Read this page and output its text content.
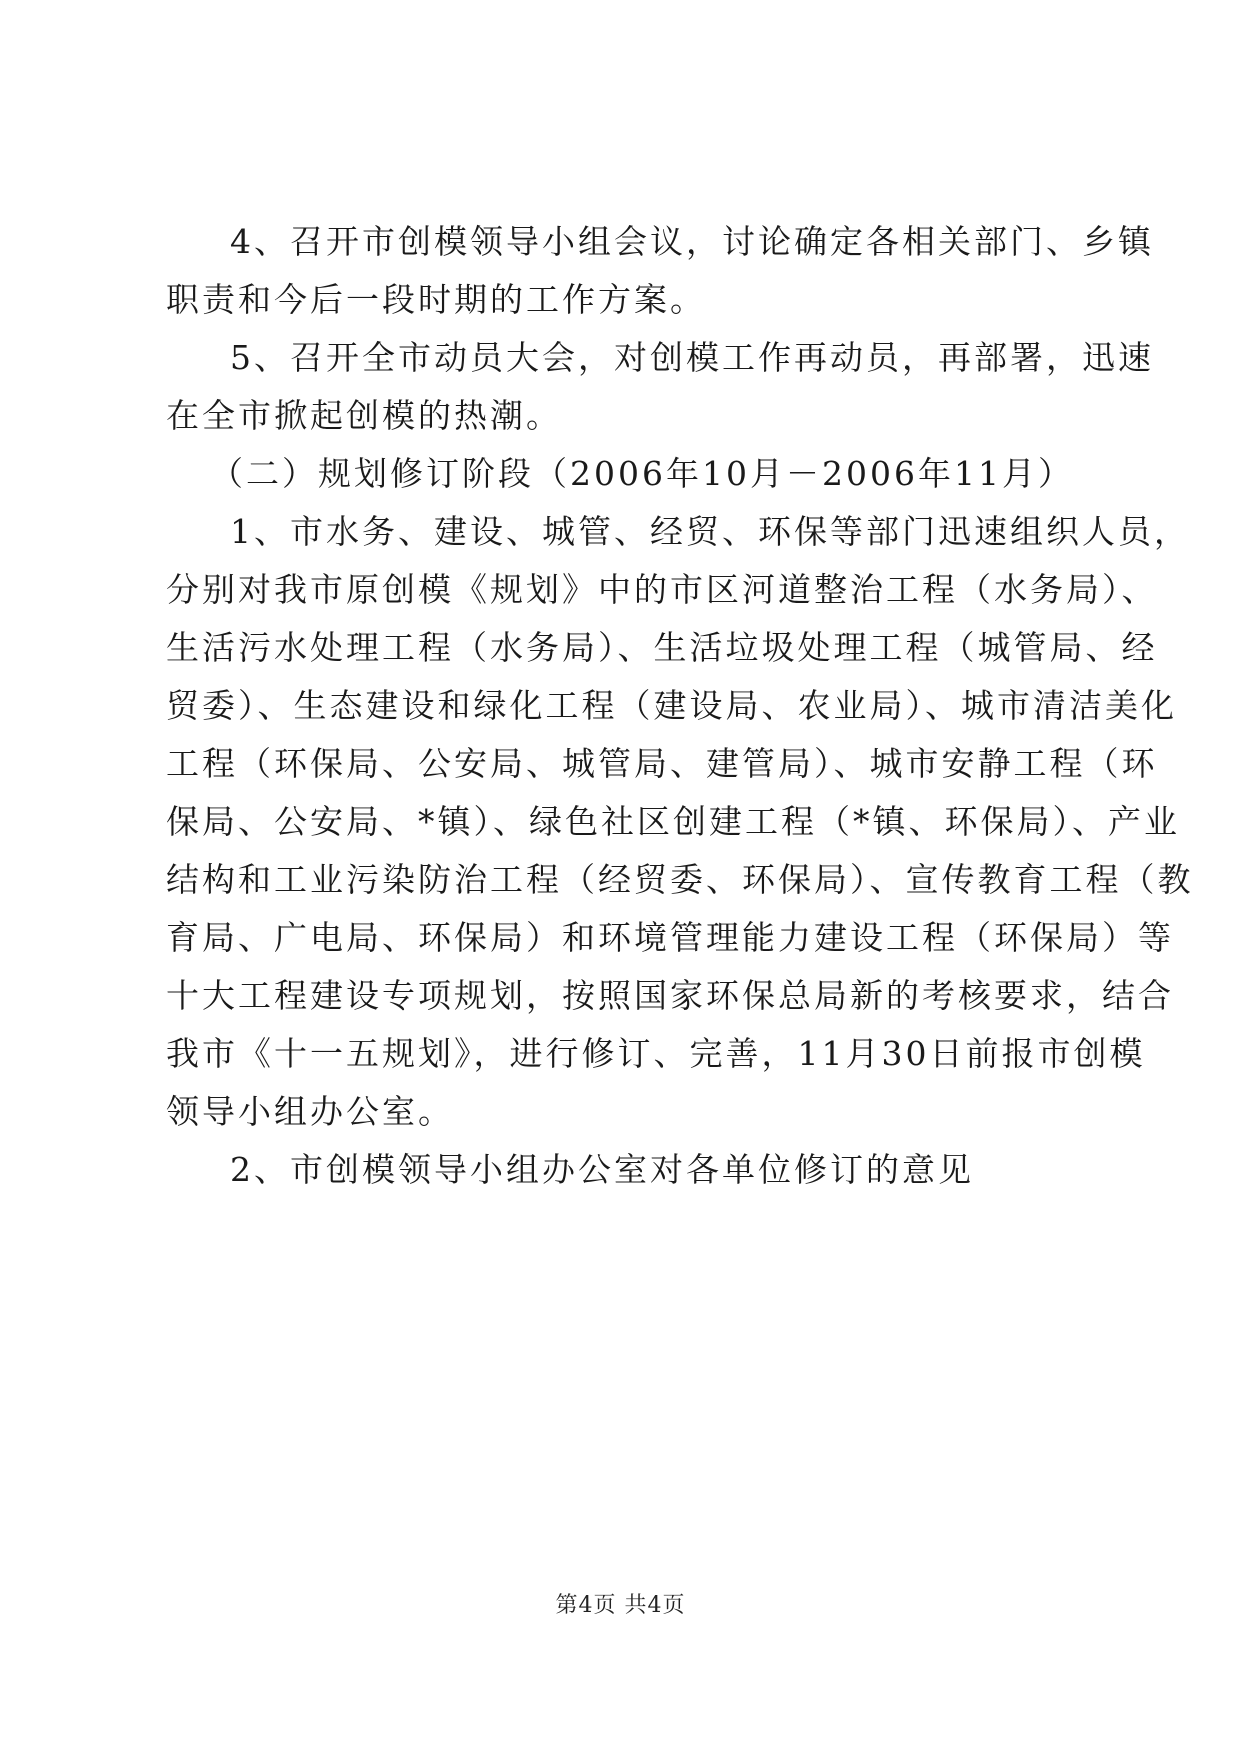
4、召开市创模领导小组会议，讨论确定各相关部门、乡镇
职责和今后一段时期的工作方案。
5、召开全市动员大会，对创模工作再动员，再部署，迅速
在全市掀起创模的热潮。
（二）规划修订阶段（2006年10月－2006年11月）
1、市水务、建设、城管、经贸、环保等部门迅速组织人员，
分别对我市原创模《规划》中的市区河道整治工程（水务局）、
生活污水处理工程（水务局）、生活垃圾处理工程（城管局、经
贸委）、生态建设和绿化工程（建设局、农业局）、城市清洁美化
工程（环保局、公安局、城管局、建管局）、城市安静工程（环
保局、公安局、*镇）、绿色社区创建工程（*镇、环保局）、产业
结构和工业污染防治工程（经贸委、环保局）、宣传教育工程（教
育局、广电局、环保局）和环境管理能力建设工程（环保局）等
十大工程建设专项规划，按照国家环保总局新的考核要求，结合
我市《十一五规划》，进行修订、完善，11月30日前报市创模
领导小组办公室。
2、市创模领导小组办公室对各单位修订的意见
第4页 共4页
